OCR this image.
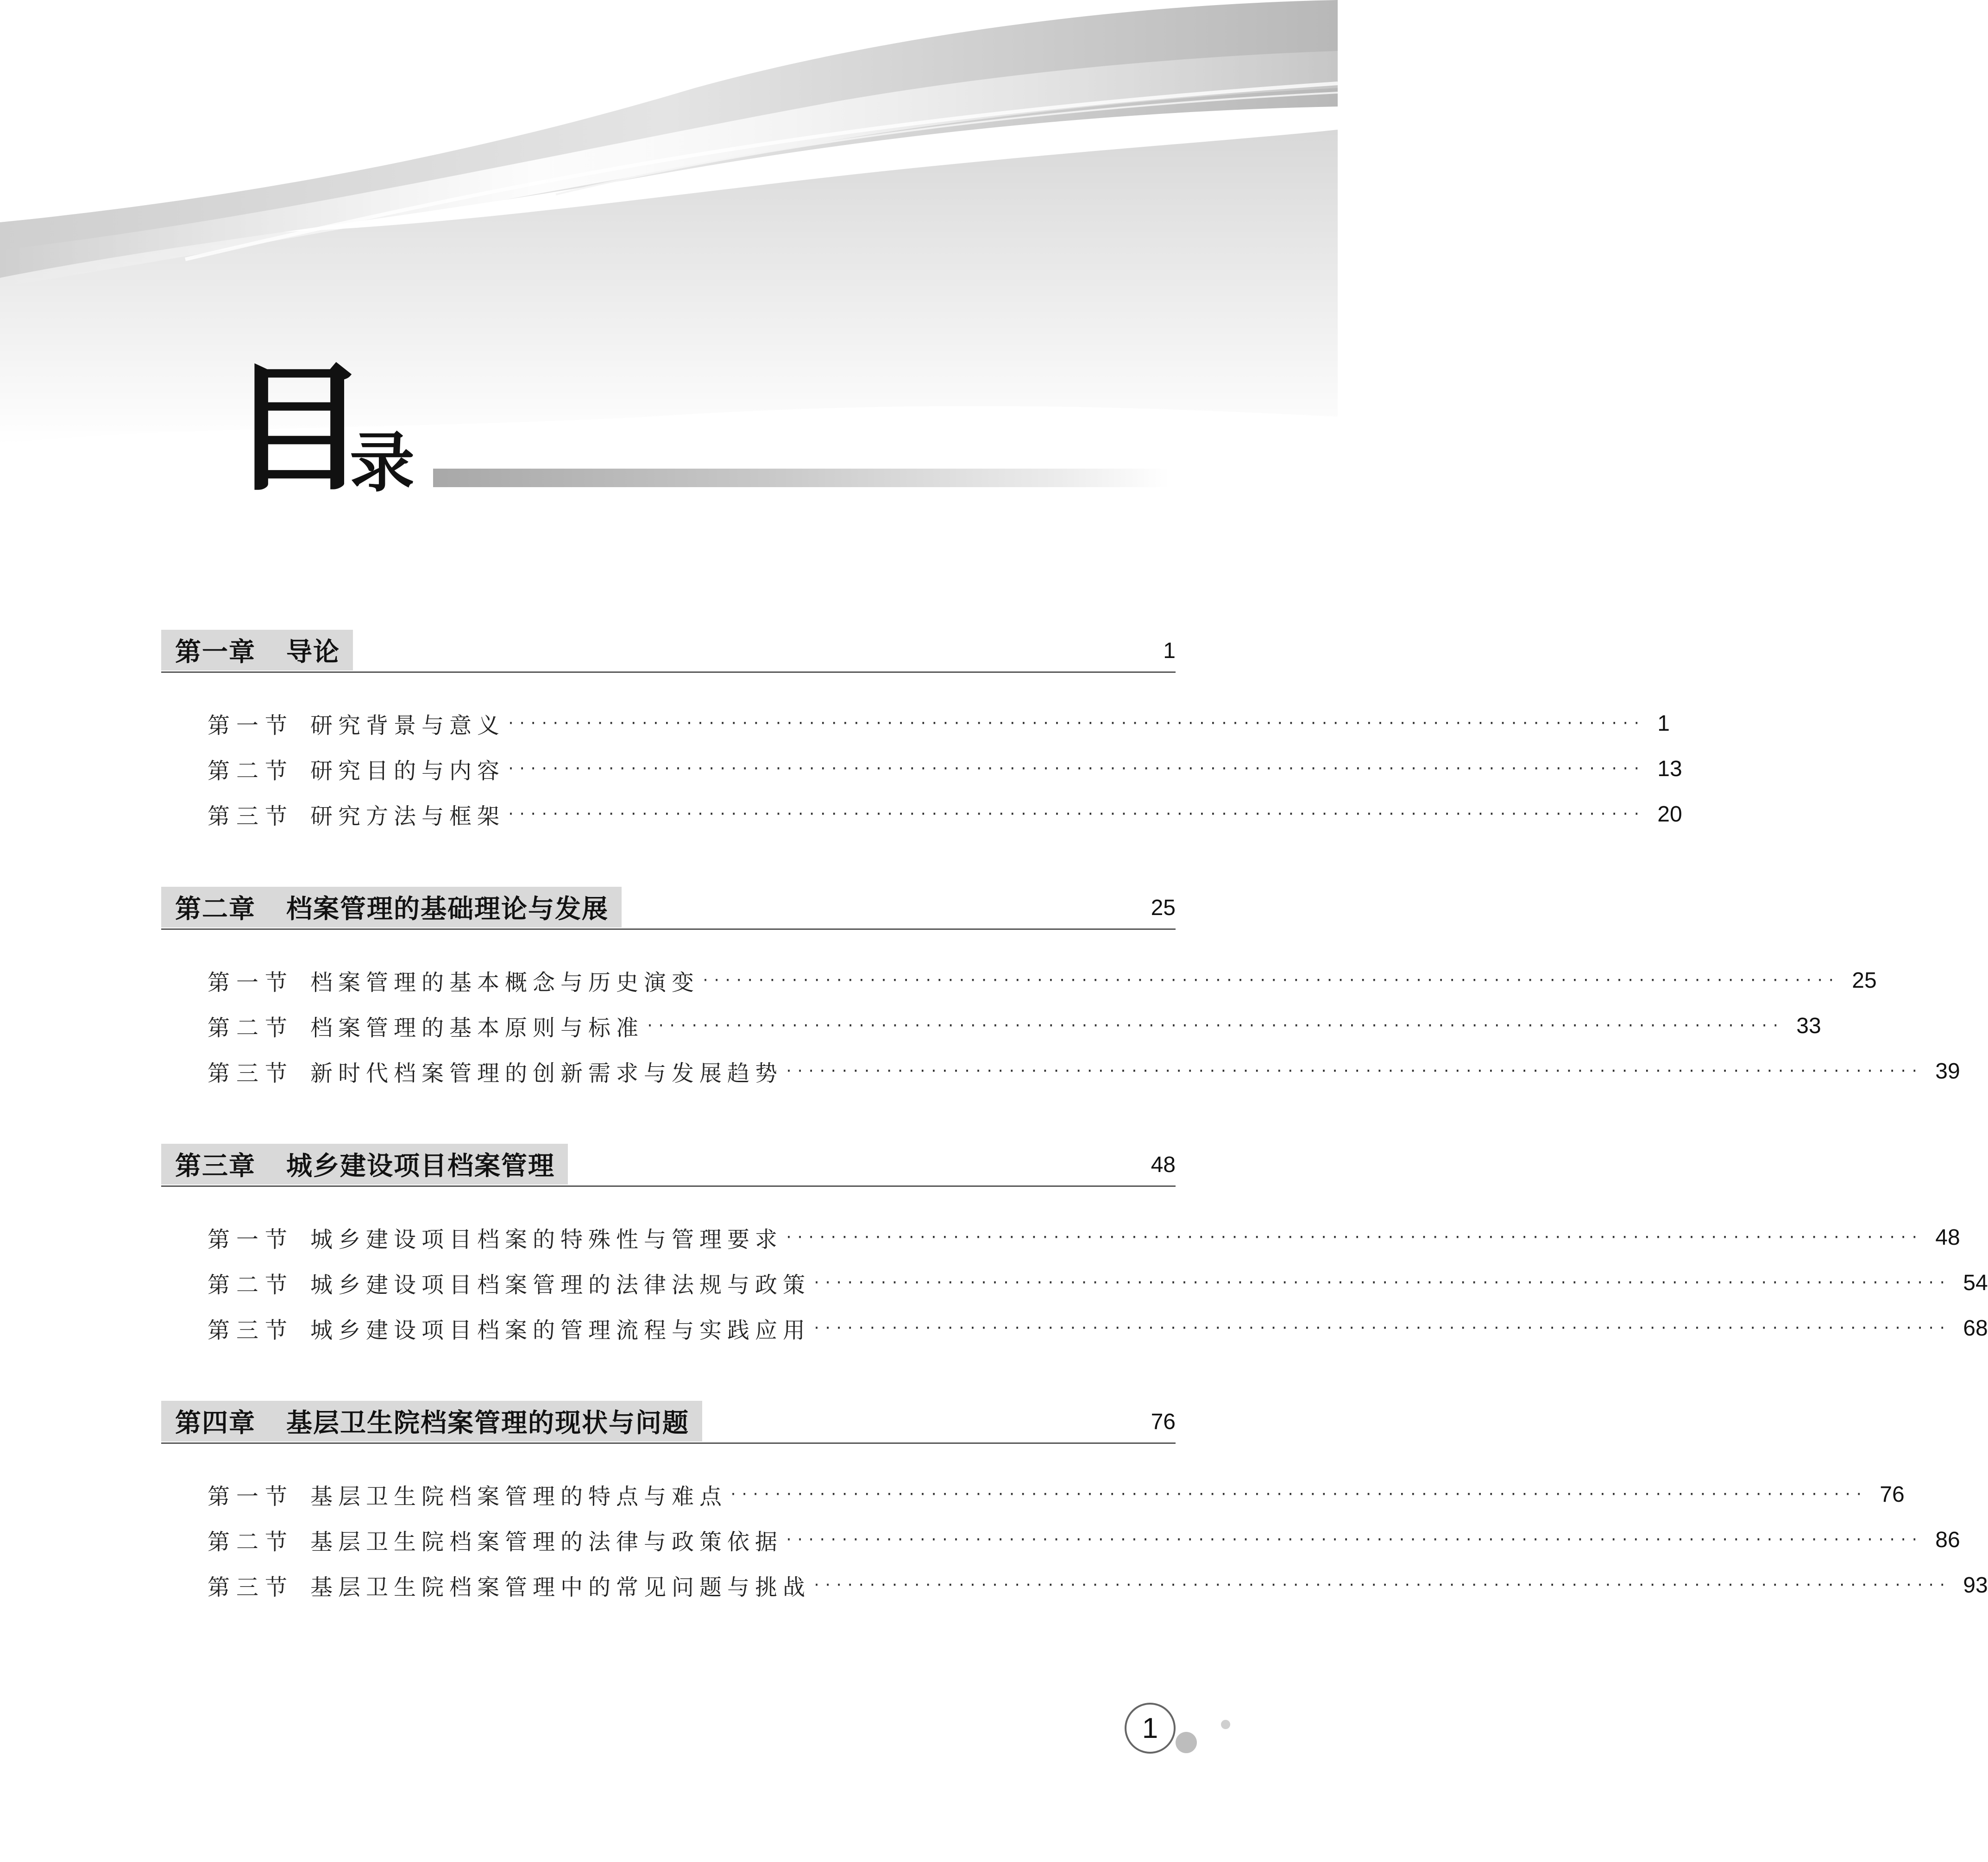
目
录
第一章 导论	1
第一节 研究背景与意义 ······································································································ 1
第二节 研究目的与内容 ······································································································ 13
第三节 研究方法与框架 ······································································································ 20
第二章 档案管理的基础理论与发展	25
第一节 档案管理的基本概念与历史演变 ······································································································ 25
第二节 档案管理的基本原则与标准 ······································································································ 33
第三节 新时代档案管理的创新需求与发展趋势 ······································································································ 39
第三章 城乡建设项目档案管理	48
第一节 城乡建设项目档案的特殊性与管理要求 ······································································································ 48
第二节 城乡建设项目档案管理的法律法规与政策 ······································································································ 54
第三节 城乡建设项目档案的管理流程与实践应用 ······································································································ 68
第四章 基层卫生院档案管理的现状与问题	76
第一节 基层卫生院档案管理的特点与难点 ······································································································ 76
第二节 基层卫生院档案管理的法律与政策依据 ······································································································ 86
第三节 基层卫生院档案管理中的常见问题与挑战 ······································································································ 93
1
